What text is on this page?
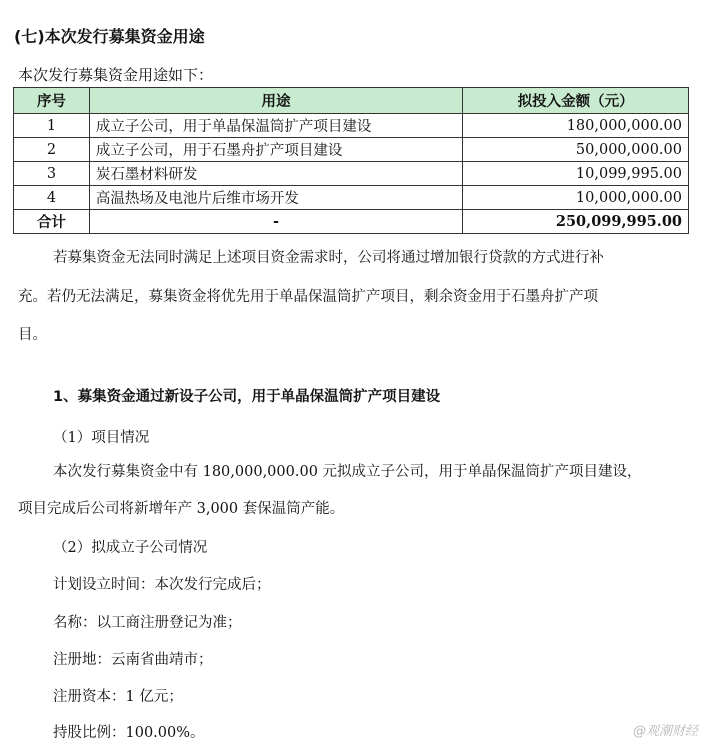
(七)本次发行募集资金用途
本次发行募集资金用途如下：
序号	用途	拟投入金额（元）
1	成立子公司，用于单晶保温筒扩产项目建设	180,000,000.00
2	成立子公司，用于石墨舟扩产项目建设	50,000,000.00
3	炭石墨材料研发	10,099,995.00
4	高温热场及电池片后维市场开发	10,000,000.00
合计	-	250,099,995.00
若募集资金无法同时满足上述项目资金需求时，公司将通过增加银行贷款的方式进行补
充。若仍无法满足，募集资金将优先用于单晶保温筒扩产项目，剩余资金用于石墨舟扩产项
目。
1、募集资金通过新设子公司，用于单晶保温筒扩产项目建设
（1）项目情况
本次发行募集资金中有 180,000,000.00 元拟成立子公司，用于单晶保温筒扩产项目建设，
项目完成后公司将新增年产 3,000 套保温筒产能。
（2）拟成立子公司情况
计划设立时间：本次发行完成后；
名称：以工商注册登记为准；
注册地：云南省曲靖市；
注册资本：1 亿元；
持股比例：100.00%。	@观潮财经
